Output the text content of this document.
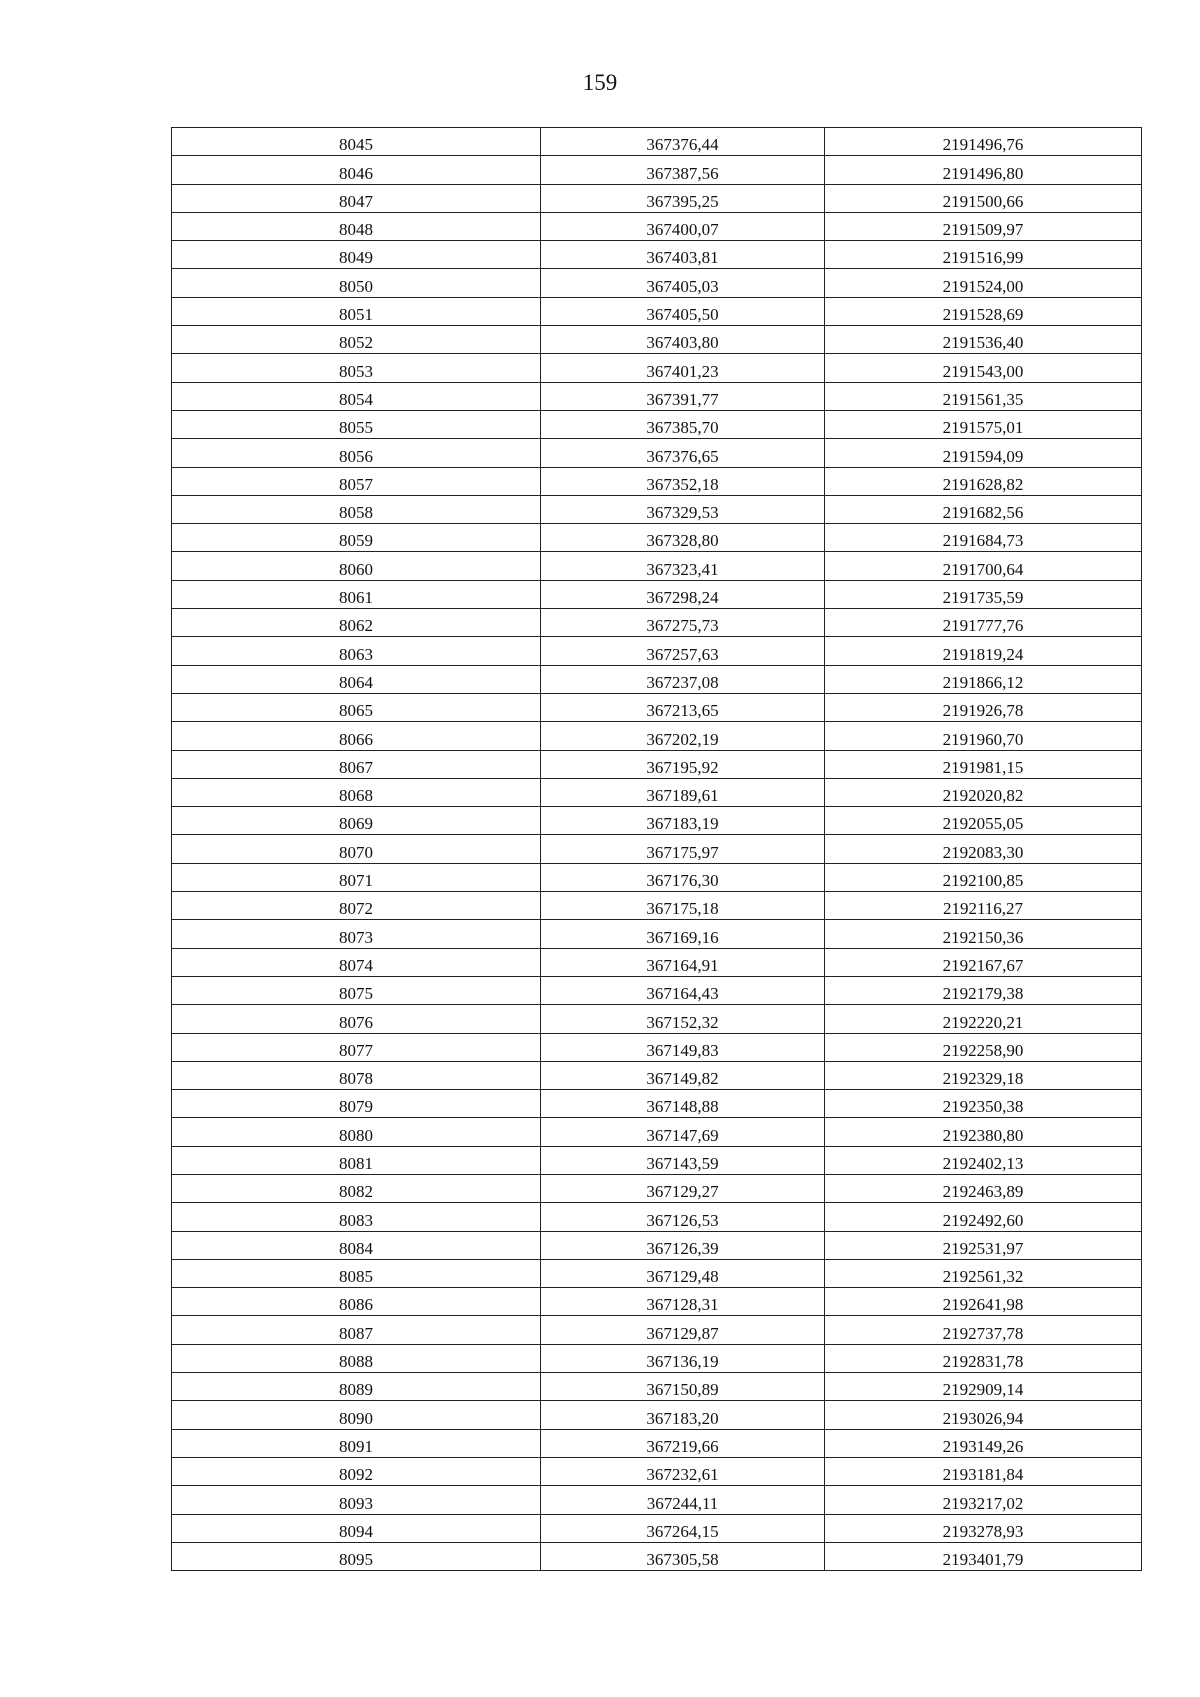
159
8045	367376,44	2191496,76
8046	367387,56	2191496,80
8047	367395,25	2191500,66
8048	367400,07	2191509,97
8049	367403,81	2191516,99
8050	367405,03	2191524,00
8051	367405,50	2191528,69
8052	367403,80	2191536,40
8053	367401,23	2191543,00
8054	367391,77	2191561,35
8055	367385,70	2191575,01
8056	367376,65	2191594,09
8057	367352,18	2191628,82
8058	367329,53	2191682,56
8059	367328,80	2191684,73
8060	367323,41	2191700,64
8061	367298,24	2191735,59
8062	367275,73	2191777,76
8063	367257,63	2191819,24
8064	367237,08	2191866,12
8065	367213,65	2191926,78
8066	367202,19	2191960,70
8067	367195,92	2191981,15
8068	367189,61	2192020,82
8069	367183,19	2192055,05
8070	367175,97	2192083,30
8071	367176,30	2192100,85
8072	367175,18	2192116,27
8073	367169,16	2192150,36
8074	367164,91	2192167,67
8075	367164,43	2192179,38
8076	367152,32	2192220,21
8077	367149,83	2192258,90
8078	367149,82	2192329,18
8079	367148,88	2192350,38
8080	367147,69	2192380,80
8081	367143,59	2192402,13
8082	367129,27	2192463,89
8083	367126,53	2192492,60
8084	367126,39	2192531,97
8085	367129,48	2192561,32
8086	367128,31	2192641,98
8087	367129,87	2192737,78
8088	367136,19	2192831,78
8089	367150,89	2192909,14
8090	367183,20	2193026,94
8091	367219,66	2193149,26
8092	367232,61	2193181,84
8093	367244,11	2193217,02
8094	367264,15	2193278,93
8095	367305,58	2193401,79
